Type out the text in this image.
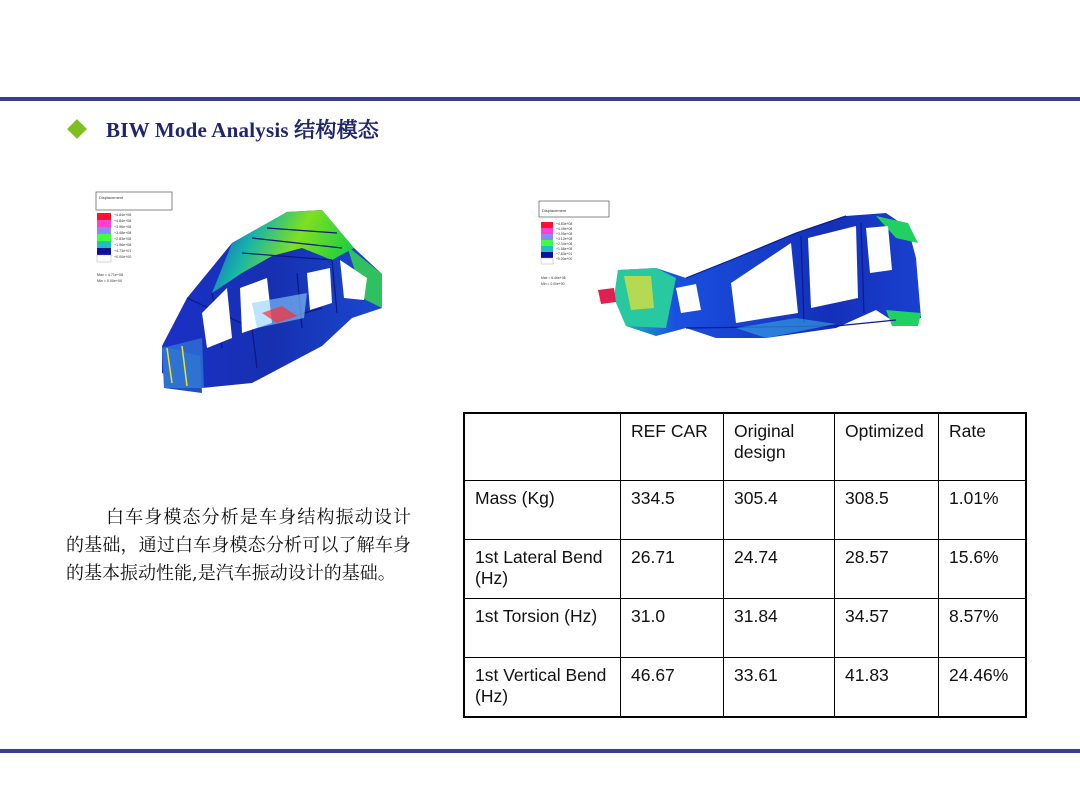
BIW Mode Analysis 结构模态
Displacement
+4.84e+08
+4.84e+08
+3.96e+08
+3.48e+08
+2.83e+08
+1.96e+08
+4.73e+01
+0.00e+00
Max = 4.71e+08
Min = 0.00e+00
Displacement
+4.83e+08
+4.49e+08
+3.95e+08
+3.12e+08
+2.34e+08
+1.56e+08
+7.83e+01
+0.00e+00
Max = 6.46e+08
Min = 0.00e+00
白车身模态分析是车身结构振动设计的基础，通过白车身模态分析可以了解车身的基本振动性能,是汽车振动设计的基础。
	REF CAR	Original design	Optimized	Rate
Mass (Kg)	334.5	305.4	308.5	1.01%
1st Lateral Bend (Hz)	26.71	24.74	28.57	15.6%
1st Torsion (Hz)	31.0	31.84	34.57	8.57%
1st Vertical Bend (Hz)	46.67	33.61	41.83	24.46%
